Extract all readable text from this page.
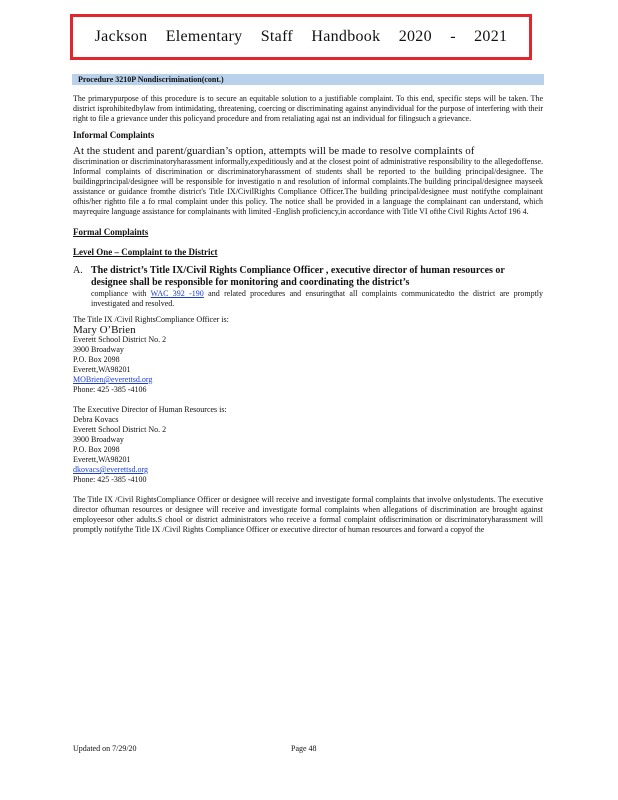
Jackson Elementary Staff Handbook 2020 - 2021
Procedure 3210P Nondiscrimination(cont.)

The primarypurpose of this procedure is to secure an equitable solution to a justifiable complaint. To this end, specific steps will be taken. The district isprohibitedbylaw from intimidating, threatening, coercing or discriminating against anyindividual for the purpose of interfering with their right to file a grievance under this policyand procedure and from retaliating agai nst an individual for filingsuch a grievance.

Informal Complaints

At the student and parent/guardian’s option, attempts will be made to resolve complaints of

discrimination or discriminatoryharassment informally,expeditiously and at the closest point of administrative responsibility to the allegedoffense. Informal complaints of discrimination or discriminatoryharassment of students shall be reported to the building principal/designee. The buildingprincipal/designee will be responsible for investigatio n and resolution of informal complaints.The building principal/designee mayseek assistance or guidance fromthe district's Title IX/CivilRights Compliance Officer.The building principal/designee must notifythe complainant ofhis/her rightto file a fo rmal complaint under this policy. The notice shall be provided in a language the complainant can understand, which mayrequire language assistance for complainants with limited -English proficiency,in accordance with Title VI ofthe Civil Rights Actof 196 4.

Formal Complaints
Level One – Complaint to the District
A. The district’s Title IX/Civil Rights Compliance Officer , executive director of human resources or designee shall be responsible for monitoring and coordinating the district’s

compliance with WAC 392 -190 and related procedures and ensuringthat all complaints communicatedto the district are promptly investigated and resolved.

The Title IX /Civil RightsCompliance Officer is:

Mary O’Brien

Everett School District No. 2

3900 Broadway

P.O. Box 2098

Everett,WA98201

MOBrien@everettsd.org

Phone: 425 -385 -4106

The Executive Director of Human Resources is:

Debra Kovacs

Everett School District No. 2

3900 Broadway

P.O. Box 2098

Everett,WA98201

dkovacs@everettsd.org

Phone: 425 -385 -4100

The Title IX /Civil RightsCompliance Officer or designee will receive and investigate formal complaints that involve onlystudents. The executive director ofhuman resources or designee will receive and investigate formal complaints when allegations of discrimination are brought against employeesor other adults.S chool or district administrators who receive a formal complaint ofdiscrimination or discriminatoryharassment will promptly notifythe Title IX /Civil Rights Compliance Officer or executive director of human resources and forward a copyof the

Updated on 7/29/20	Page 48
